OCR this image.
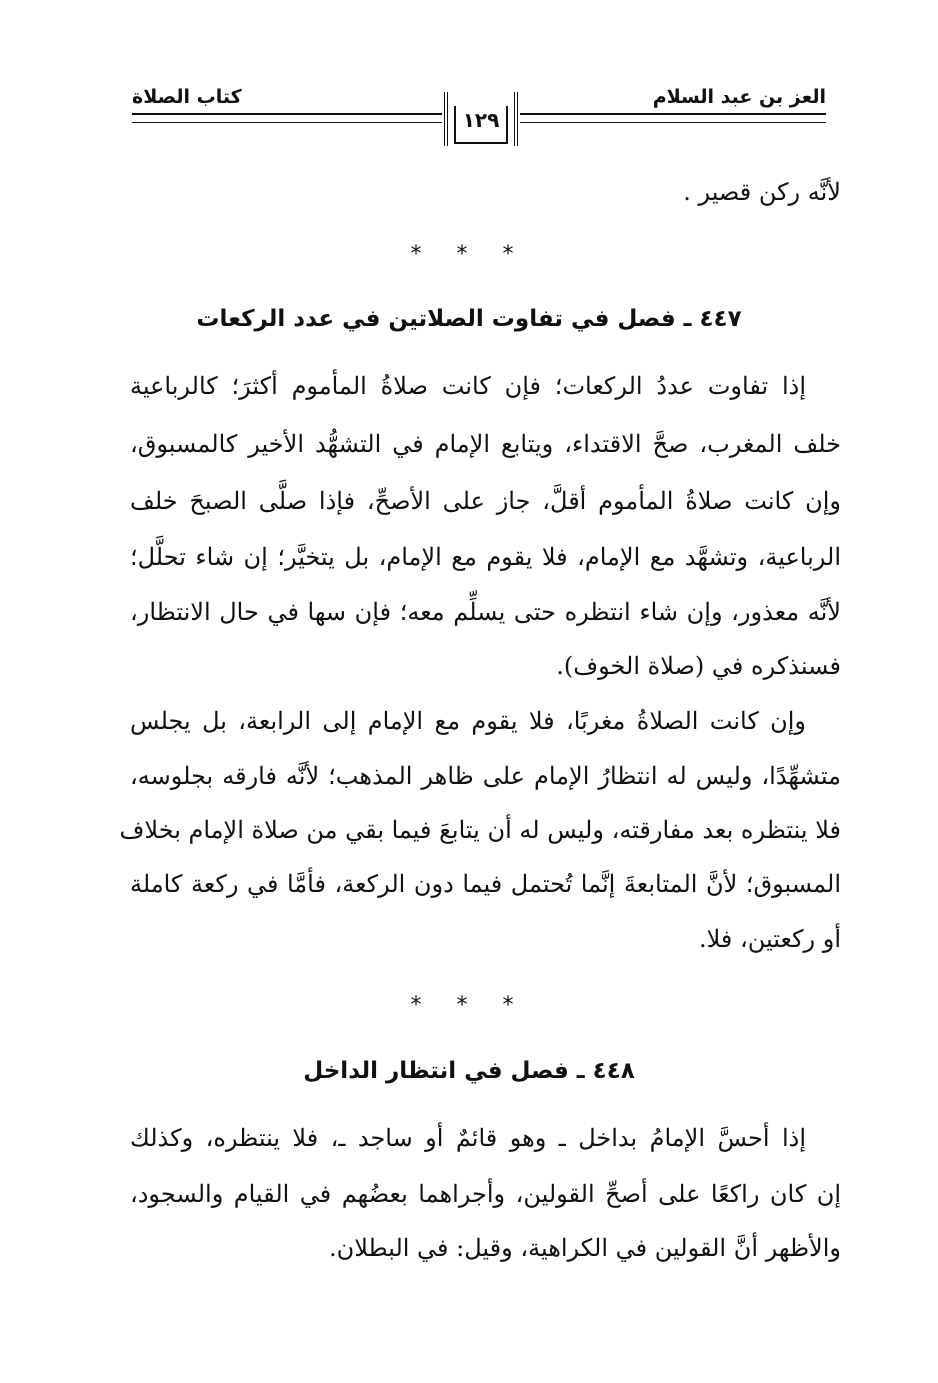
العز بن عبد السلام
كتاب الصلاة
١٢٩
لأنَّه ركن قصير .
* * *
٤٤٧ ـ فصل في تفاوت الصلاتين في عدد الركعات
إذا تفاوت عددُ الركعات؛ فإن كانت صلاةُ المأموم أكثرَ؛ كالرباعية
خلف المغرب، صحَّ الاقتداء، ويتابع الإمام في التشهُّد الأخير كالمسبوق،
وإن كانت صلاةُ المأموم أقلَّ، جاز على الأصحِّ، فإذا صلَّى الصبحَ خلف
الرباعية، وتشهَّد مع الإمام، فلا يقوم مع الإمام، بل يتخيَّر؛ إن شاء تحلَّل؛
لأنَّه معذور، وإن شاء انتظره حتى يسلِّم معه؛ فإن سها في حال الانتظار،
فسنذكره في (صلاة الخوف).
وإن كانت الصلاةُ مغربًا، فلا يقوم مع الإمام إلى الرابعة، بل يجلس
متشهِّدًا، وليس له انتظارُ الإمام على ظاهر المذهب؛ لأنَّه فارقه بجلوسه،
فلا ينتظره بعد مفارقته، وليس له أن يتابعَ فيما بقي من صلاة الإمام بخلاف
المسبوق؛ لأنَّ المتابعةَ إنَّما تُحتمل فيما دون الركعة، فأمَّا في ركعة كاملة
أو ركعتين، فلا.
* * *
٤٤٨ ـ فصل في انتظار الداخل
إذا أحسَّ الإمامُ بداخل ـ وهو قائمٌ أو ساجد ـ، فلا ينتظره، وكذلك
إن كان راكعًا على أصحِّ القولين، وأجراهما بعضُهم في القيام والسجود،
والأظهر أنَّ القولين في الكراهية، وقيل: في البطلان.
